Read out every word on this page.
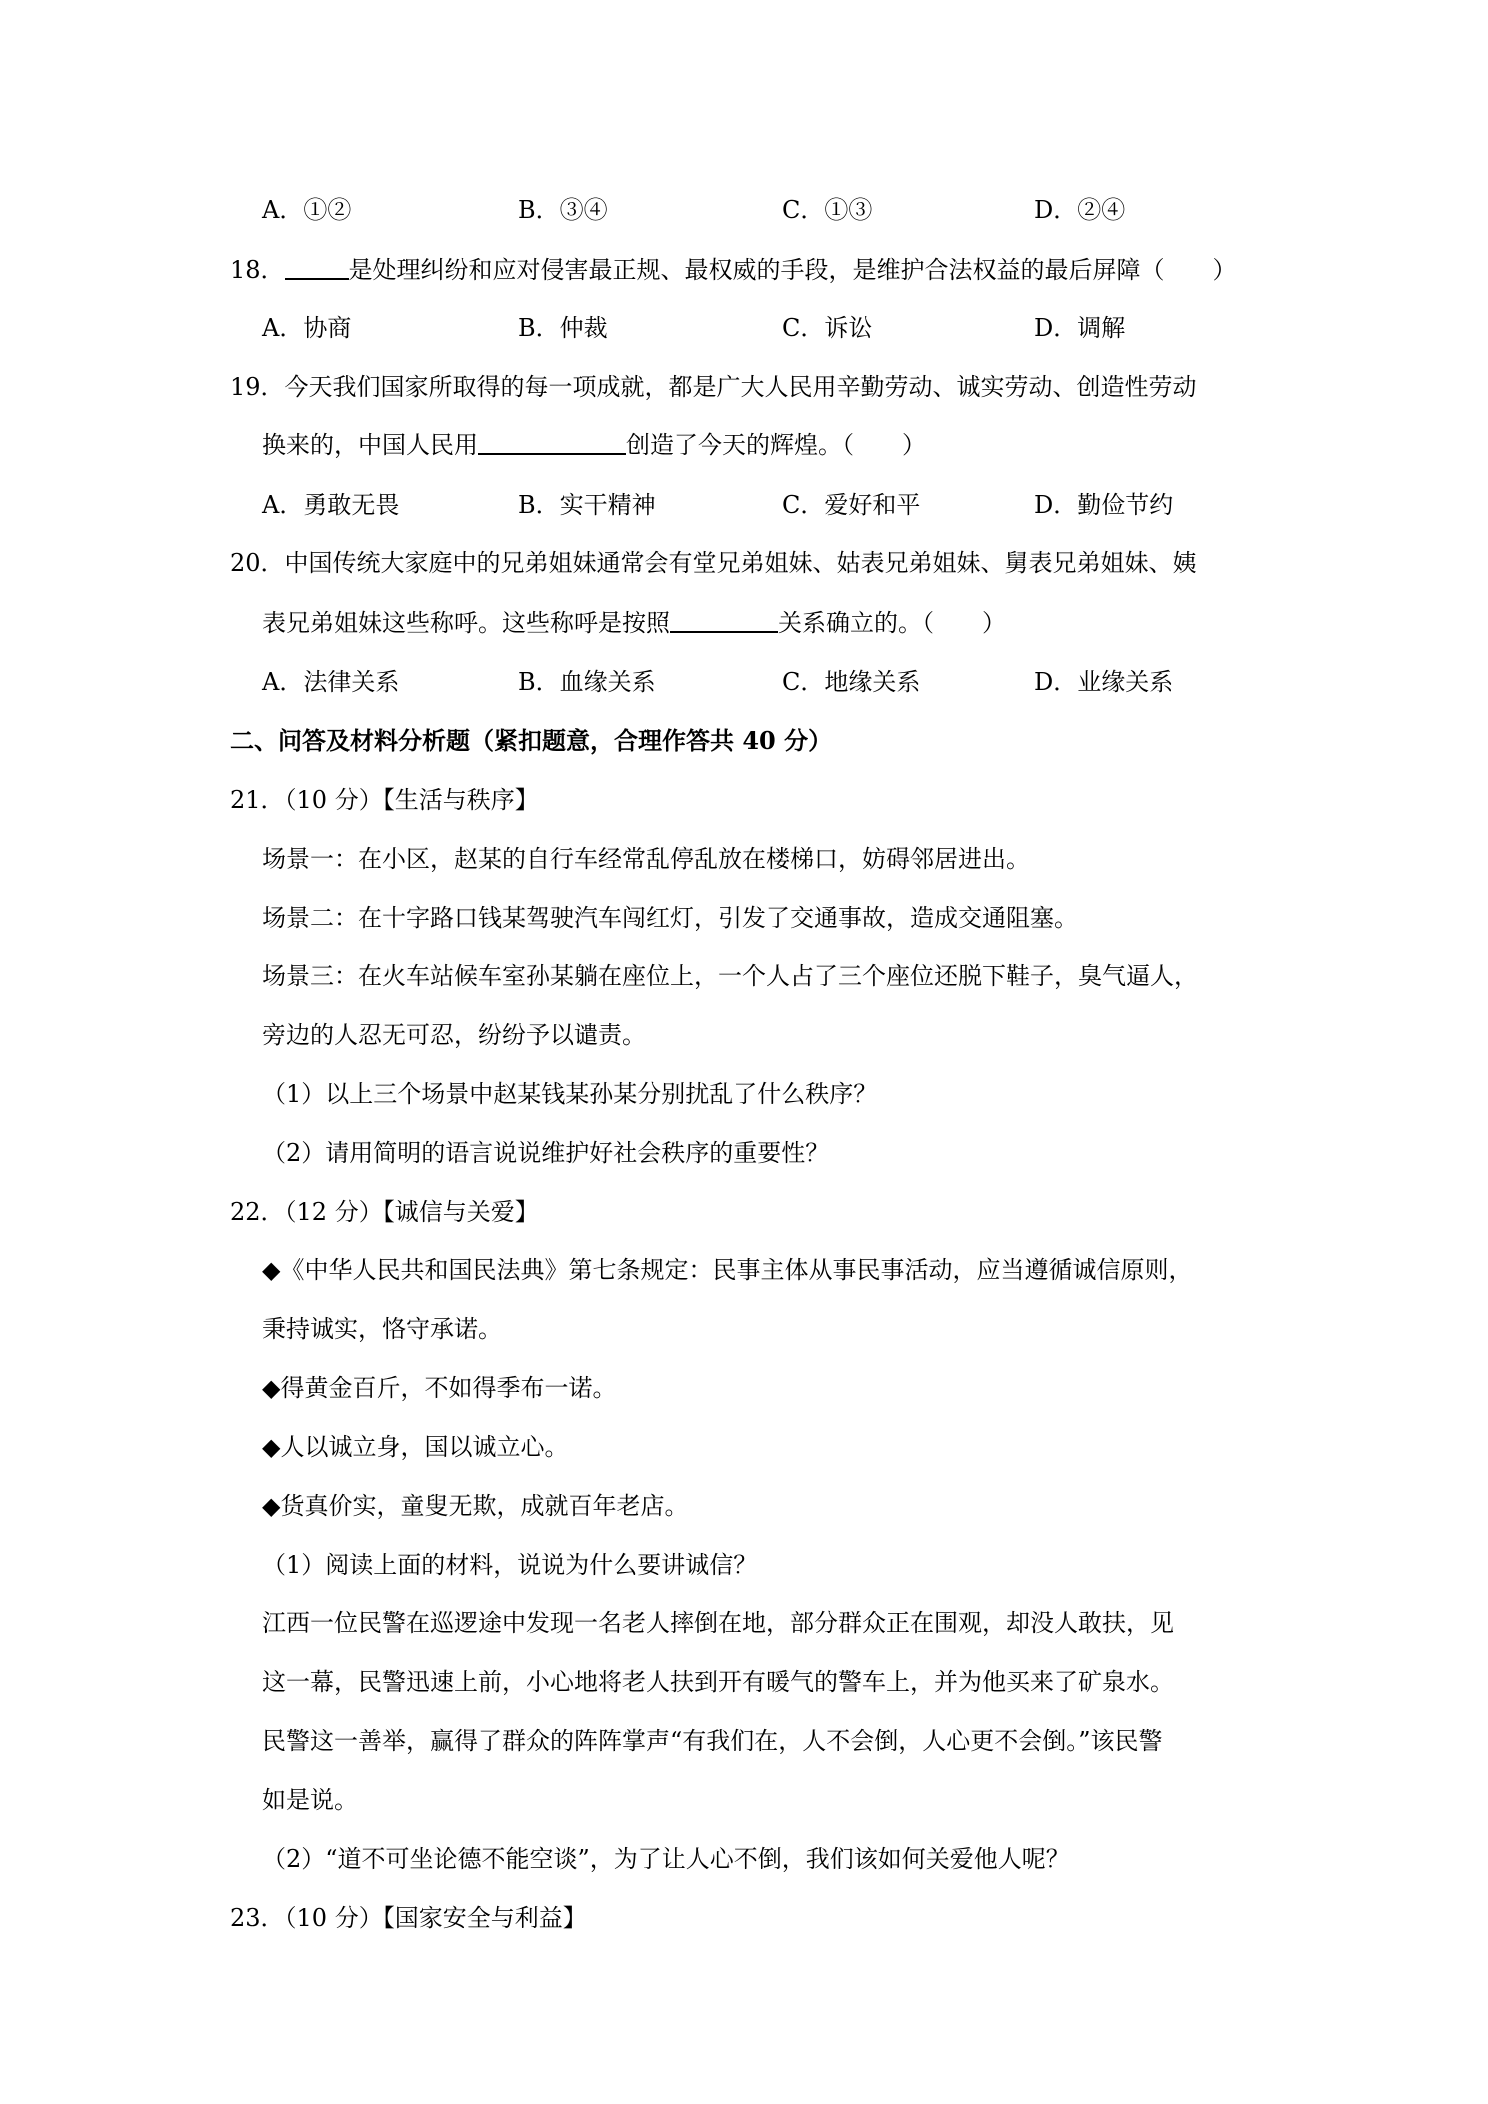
A．①②	B．③④	C．①③	D．②④
18．	是处理纠纷和应对侵害最正规、最权威的手段，是维护合法权益的最后屏障（　　）
A．协商	B．仲裁	C．诉讼	D．调解
19．今天我们国家所取得的每一项成就，都是广大人民用辛勤劳动、诚实劳动、创造性劳动
换来的，中国人民用	创造了今天的辉煌。（　　）
A．勇敢无畏	B．实干精神	C．爱好和平	D．勤俭节约
20．中国传统大家庭中的兄弟姐妹通常会有堂兄弟姐妹、姑表兄弟姐妹、舅表兄弟姐妹、姨
表兄弟姐妹这些称呼。这些称呼是按照	关系确立的。（　　）
A．法律关系	B．血缘关系	C．地缘关系	D．业缘关系
二、问答及材料分析题（紧扣题意，合理作答共 40 分）
21．（10 分）【生活与秩序】
场景一：在小区，赵某的自行车经常乱停乱放在楼梯口，妨碍邻居进出。
场景二：在十字路口钱某驾驶汽车闯红灯，引发了交通事故，造成交通阻塞。
场景三：在火车站候车室孙某躺在座位上，一个人占了三个座位还脱下鞋子，臭气逼人，
旁边的人忍无可忍，纷纷予以谴责。
（1）以上三个场景中赵某钱某孙某分别扰乱了什么秩序？
（2）请用简明的语言说说维护好社会秩序的重要性？
22．（12 分）【诚信与关爱】
◆《中华人民共和国民法典》第七条规定：民事主体从事民事活动，应当遵循诚信原则，
秉持诚实，恪守承诺。
◆得黄金百斤，不如得季布一诺。
◆人以诚立身，国以诚立心。
◆货真价实，童叟无欺，成就百年老店。
（1）阅读上面的材料，说说为什么要讲诚信？
江西一位民警在巡逻途中发现一名老人摔倒在地，部分群众正在围观，却没人敢扶，见
这一幕，民警迅速上前，小心地将老人扶到开有暖气的警车上，并为他买来了矿泉水。
民警这一善举，赢得了群众的阵阵掌声“有我们在，人不会倒，人心更不会倒。”该民警
如是说。
（2）“道不可坐论德不能空谈”，为了让人心不倒，我们该如何关爱他人呢？
23．（10 分）【国家安全与利益】
